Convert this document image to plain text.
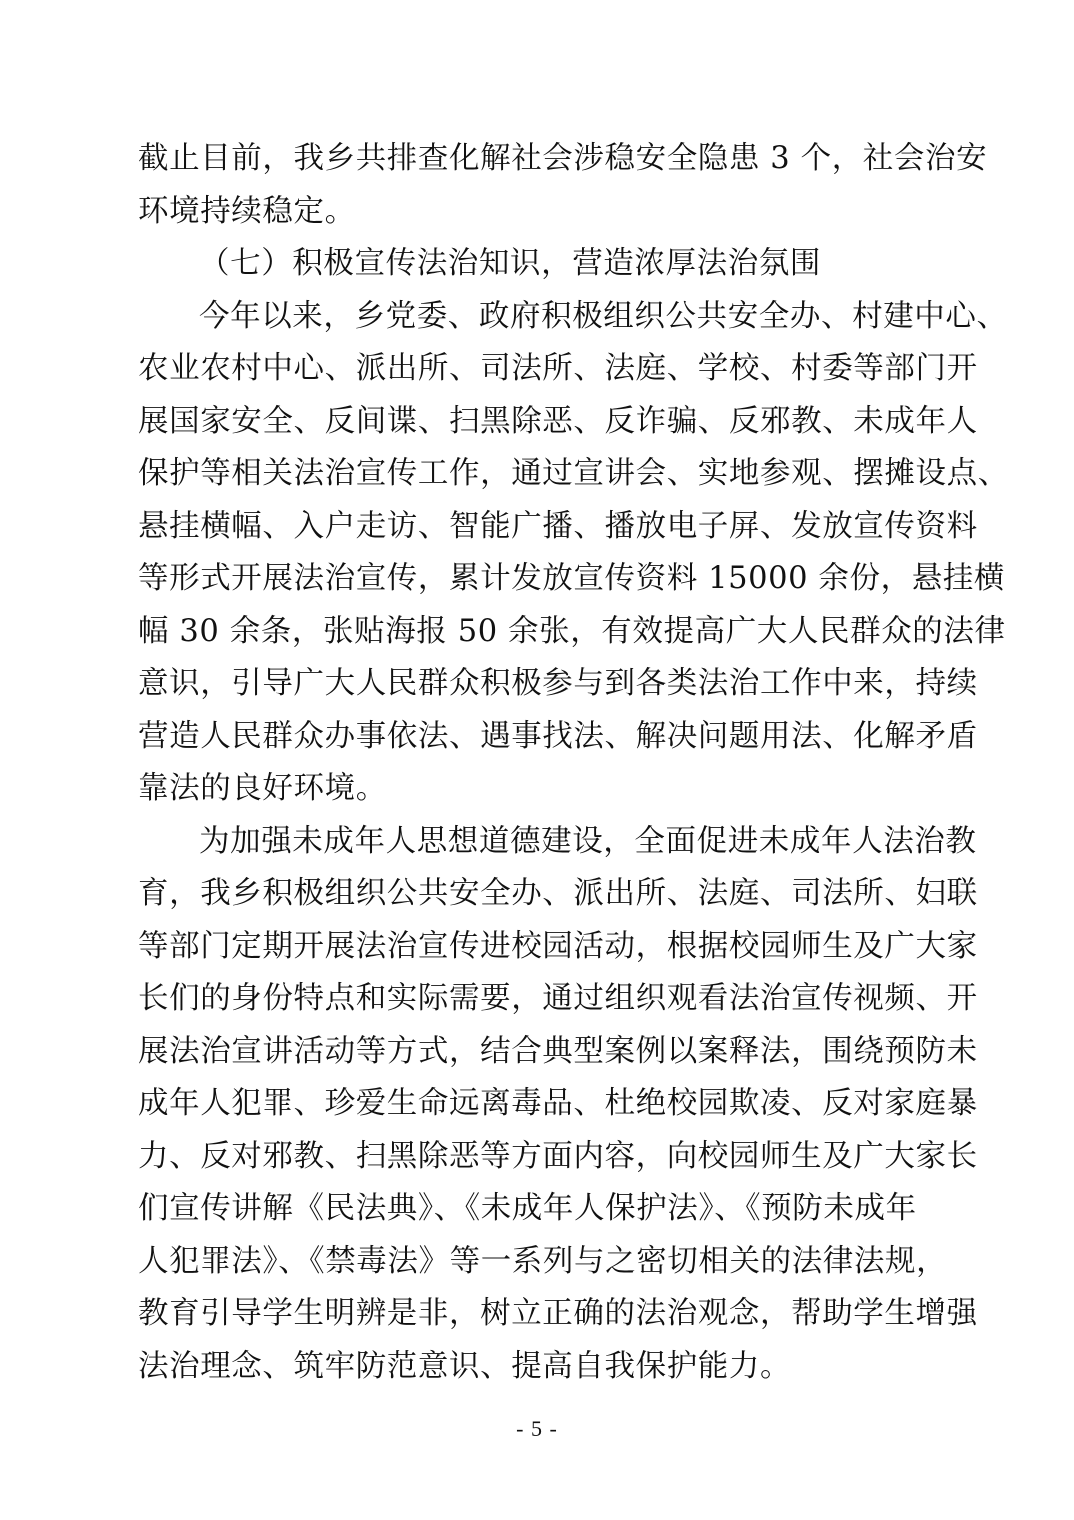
截止目前，我乡共排查化解社会涉稳安全隐患 3 个，社会治安
环境持续稳定。
（七）积极宣传法治知识，营造浓厚法治氛围
今年以来，乡党委、政府积极组织公共安全办、村建中心、
农业农村中心、派出所、司法所、法庭、学校、村委等部门开
展国家安全、反间谍、扫黑除恶、反诈骗、反邪教、未成年人
保护等相关法治宣传工作，通过宣讲会、实地参观、摆摊设点、
悬挂横幅、入户走访、智能广播、播放电子屏、发放宣传资料
等形式开展法治宣传，累计发放宣传资料 15000 余份，悬挂横
幅 30 余条，张贴海报 50 余张，有效提高广大人民群众的法律
意识，引导广大人民群众积极参与到各类法治工作中来，持续
营造人民群众办事依法、遇事找法、解决问题用法、化解矛盾
靠法的良好环境。
为加强未成年人思想道德建设，全面促进未成年人法治教
育，我乡积极组织公共安全办、派出所、法庭、司法所、妇联
等部门定期开展法治宣传进校园活动，根据校园师生及广大家
长们的身份特点和实际需要，通过组织观看法治宣传视频、开
展法治宣讲活动等方式，结合典型案例以案释法，围绕预防未
成年人犯罪、珍爱生命远离毒品、杜绝校园欺凌、反对家庭暴
力、反对邪教、扫黑除恶等方面内容，向校园师生及广大家长
们宣传讲解《民法典》、《未成年人保护法》、《预防未成年
人犯罪法》、《禁毒法》等一系列与之密切相关的法律法规，
教育引导学生明辨是非，树立正确的法治观念，帮助学生增强
法治理念、筑牢防范意识、提高自我保护能力。
- 5 -
